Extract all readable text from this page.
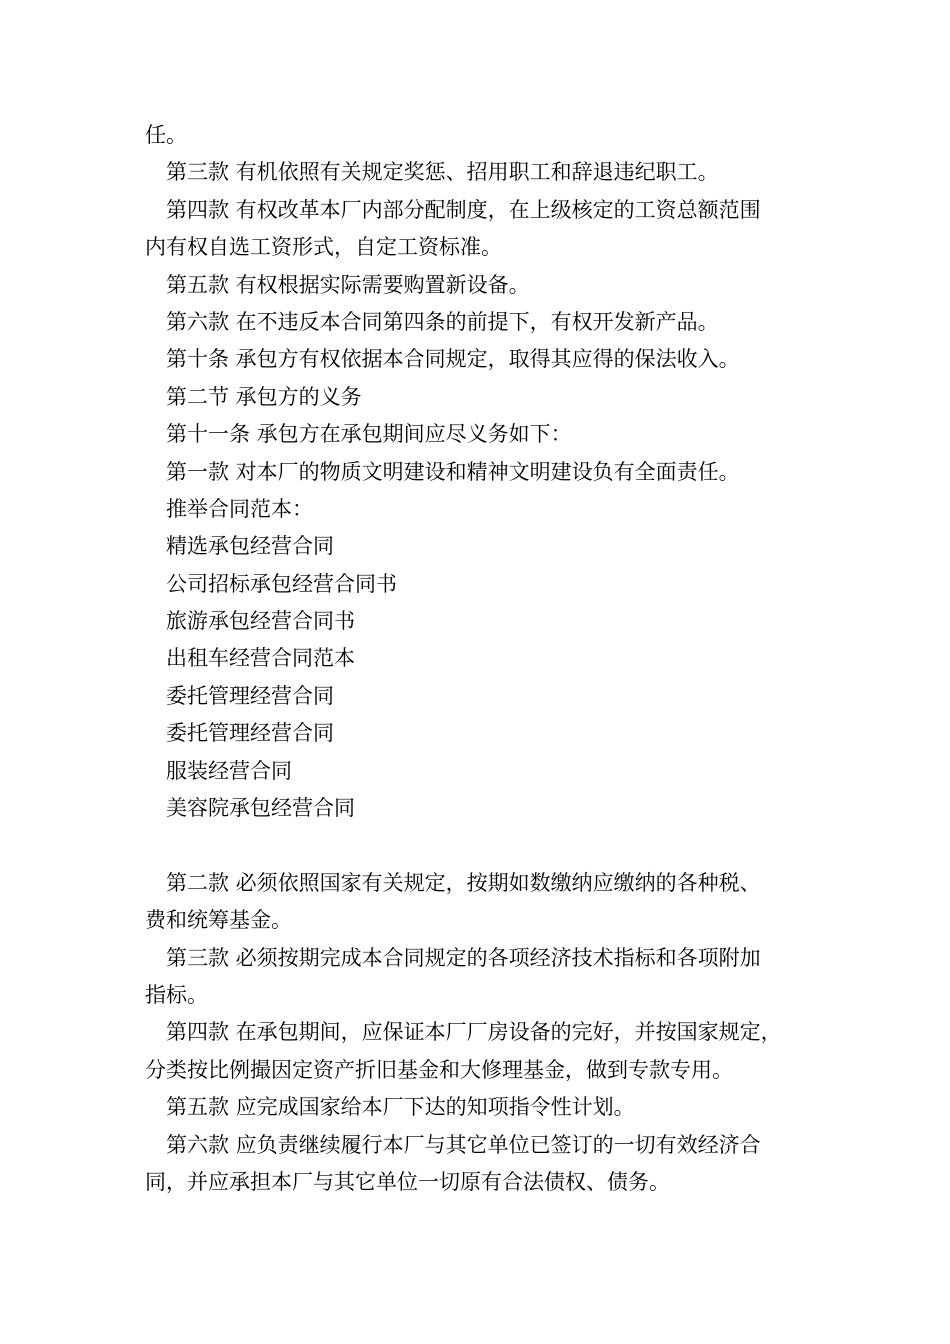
任。
第三款 有机依照有关规定奖惩、招用职工和辞退违纪职工。
第四款 有权改革本厂内部分配制度，在上级核定的工资总额范围
内有权自选工资形式，自定工资标准。
第五款 有权根据实际需要购置新设备。
第六款 在不违反本合同第四条的前提下，有权开发新产品。
第十条 承包方有权依据本合同规定，取得其应得的保法收入。
第二节 承包方的义务
第十一条 承包方在承包期间应尽义务如下：
第一款 对本厂的物质文明建设和精神文明建设负有全面责任。
推举合同范本：
精选承包经营合同
公司招标承包经营合同书
旅游承包经营合同书
出租车经营合同范本
委托管理经营合同
委托管理经营合同
服装经营合同
美容院承包经营合同
第二款 必须依照国家有关规定，按期如数缴纳应缴纳的各种税、
费和统筹基金。
第三款 必须按期完成本合同规定的各项经济技术指标和各项附加
指标。
第四款 在承包期间，应保证本厂厂房设备的完好，并按国家规定，
分类按比例撮因定资产折旧基金和大修理基金，做到专款专用。
第五款 应完成国家给本厂下达的知项指令性计划。
第六款 应负责继续履行本厂与其它单位已签订的一切有效经济合
同，并应承担本厂与其它单位一切原有合法债权、债务。
